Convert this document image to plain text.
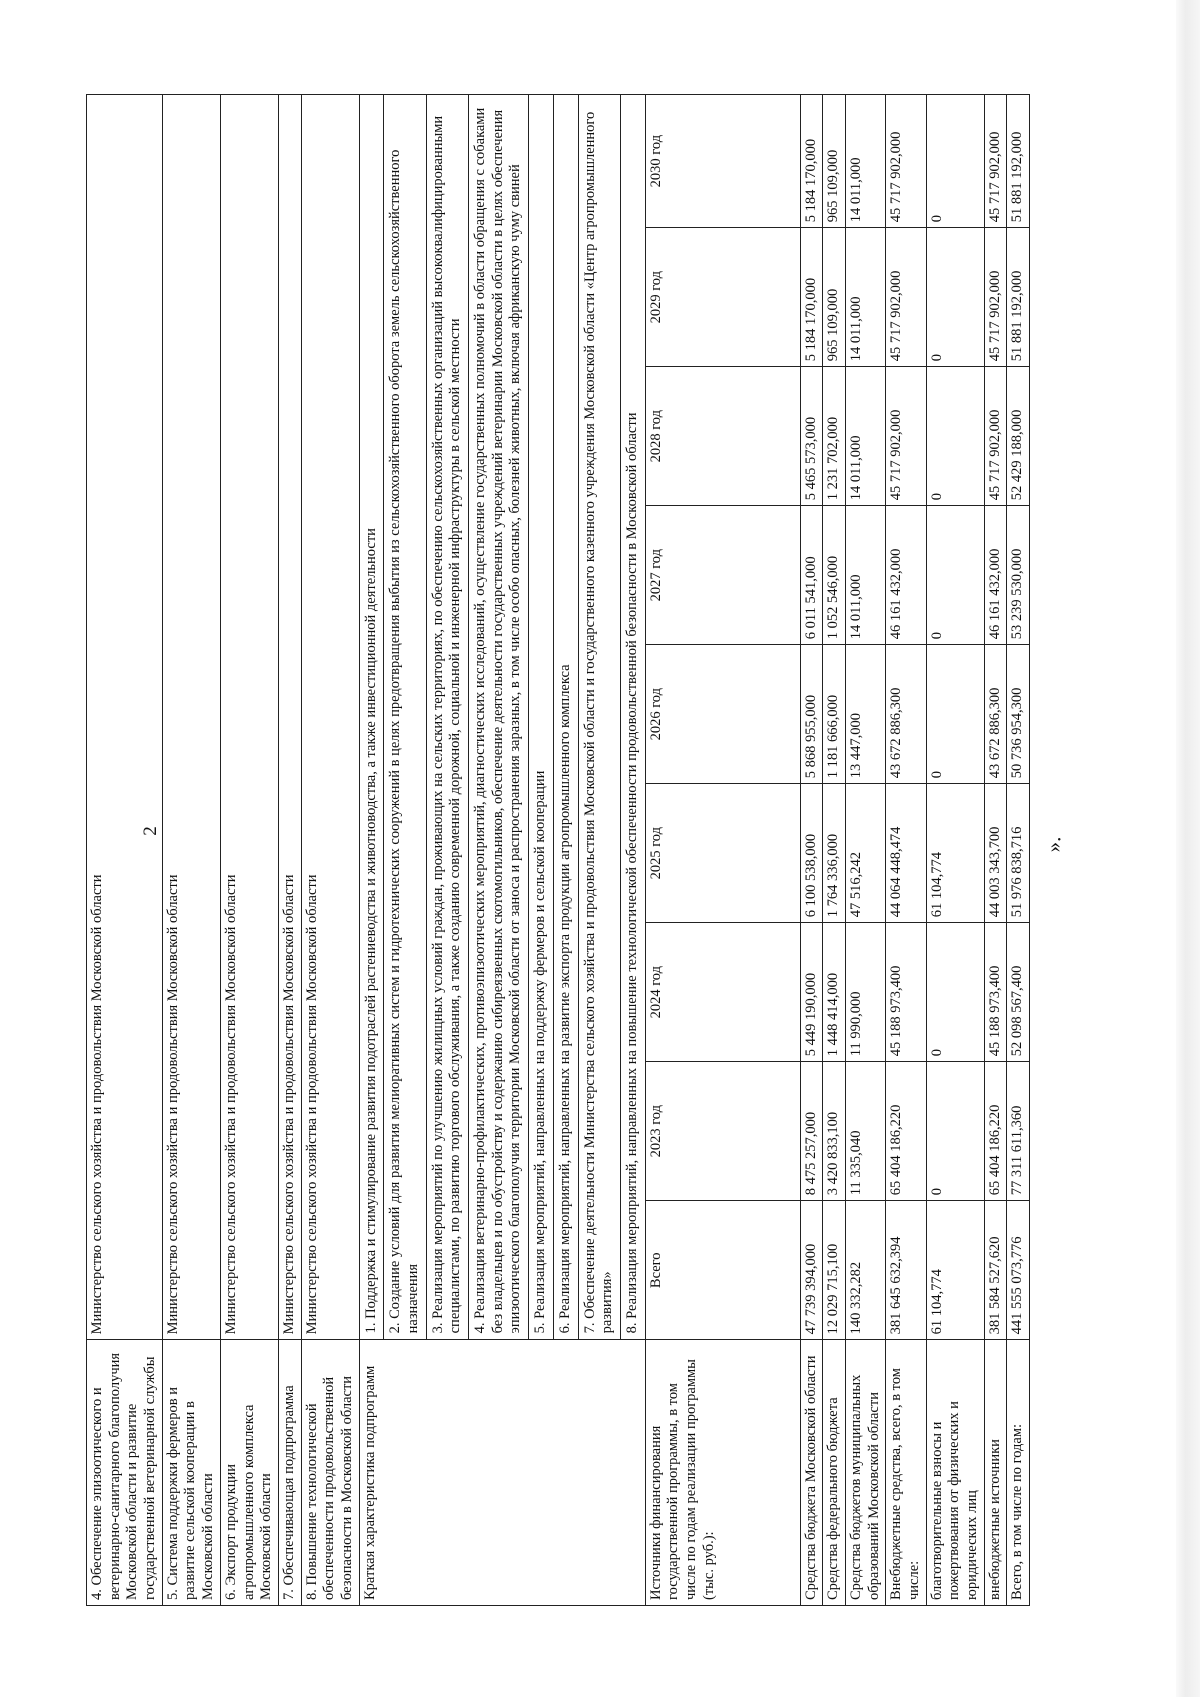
2
».
4. Обеспечение эпизоотического и ветеринарно-санитарного благополучия Московской области и развитие государственной ветеринарной службы	Министерство сельского хозяйства и продовольствия Московской области								
5. Система поддержки фермеров и развитие сельской кооперации в Московской области	Министерство сельского хозяйства и продовольствия Московской области								
6. Экспорт продукции агропромышленного комплекса Московской области	Министерство сельского хозяйства и продовольствия Московской области								
7. Обеспечивающая подпрограмма	Министерство сельского хозяйства и продовольствия Московской области								
8. Повышение технологической обеспеченности продовольственной безопасности в Московской области	Министерство сельского хозяйства и продовольствия Московской области								
Краткая характеристика подпрограмм	1. Поддержка и стимулирование развития подотраслей растениеводства и животноводства, а также инвестиционной деятельности								
	2. Создание условий для развития мелиоративных систем и гидротехнических сооружений в целях предотвращения выбытия из сельскохозяйственного оборота земель сельскохозяйственного назначения								
	3. Реализация мероприятий по улучшению жилищных условий граждан, проживающих на сельских территориях, по обеспечению сельскохозяйственных организаций высококвалифицированными специалистами, по развитию торгового обслуживания, а также созданию современной дорожной, социальной и инженерной инфраструктуры в сельской местности								
	4. Реализация ветеринарно-профилактических, противоэпизоотических мероприятий, диагностических исследований, осуществление государственных полномочий в области обращения с собаками без владельцев и по обустройству и содержанию сибиреязвенных скотомогильников, обеспечение деятельности государственных учреждений ветеринарии Московской области в целях обеспечения эпизоотического благополучия территории Московской области от заноса и распространения заразных, в том числе особо опасных, болезней животных, включая африканскую чуму свиней								
	5. Реализация мероприятий, направленных на поддержку фермеров и сельской кооперации								
	6. Реализация мероприятий, направленных на развитие экспорта продукции агропромышленного комплекса								
	7. Обеспечение деятельности Министерства сельского хозяйства и продовольствия Московской области и государственного казенного учреждения Московской области «Центр агропромышленного развития»								
	8. Реализация мероприятий, направленных на повышение технологической обеспеченности продовольственной безопасности в Московской области								
Источники финансирования государственной программы, в том числе по годам реализации программы (тыс. руб.):	Всего	2023 год	2024 год	2025 год	2026 год	2027 год	2028 год	2029 год	2030 год
Средства бюджета Московской области	47 739 394,000	8 475 257,000	5 449 190,000	6 100 538,000	5 868 955,000	6 011 541,000	5 465 573,000	5 184 170,000	5 184 170,000
Средства федерального бюджета	12 029 715,100	3 420 833,100	1 448 414,000	1 764 336,000	1 181 666,000	1 052 546,000	1 231 702,000	965 109,000	965 109,000
Средства бюджетов муниципальных образований Московской области	140 332,282	11 335,040	11 990,000	47 516,242	13 447,000	14 011,000	14 011,000	14 011,000	14 011,000
Внебюджетные средства, всего, в том числе:	381 645 632,394	65 404 186,220	45 188 973,400	44 064 448,474	43 672 886,300	46 161 432,000	45 717 902,000	45 717 902,000	45 717 902,000
благотворительные взносы и пожертвования от физических и юридических лиц	61 104,774	0	0	61 104,774	0	0	0	0	0
внебюджетные источники	381 584 527,620	65 404 186,220	45 188 973,400	44 003 343,700	43 672 886,300	46 161 432,000	45 717 902,000	45 717 902,000	45 717 902,000
Всего, в том числе по годам:	441 555 073,776	77 311 611,360	52 098 567,400	51 976 838,716	50 736 954,300	53 239 530,000	52 429 188,000	51 881 192,000	51 881 192,000
